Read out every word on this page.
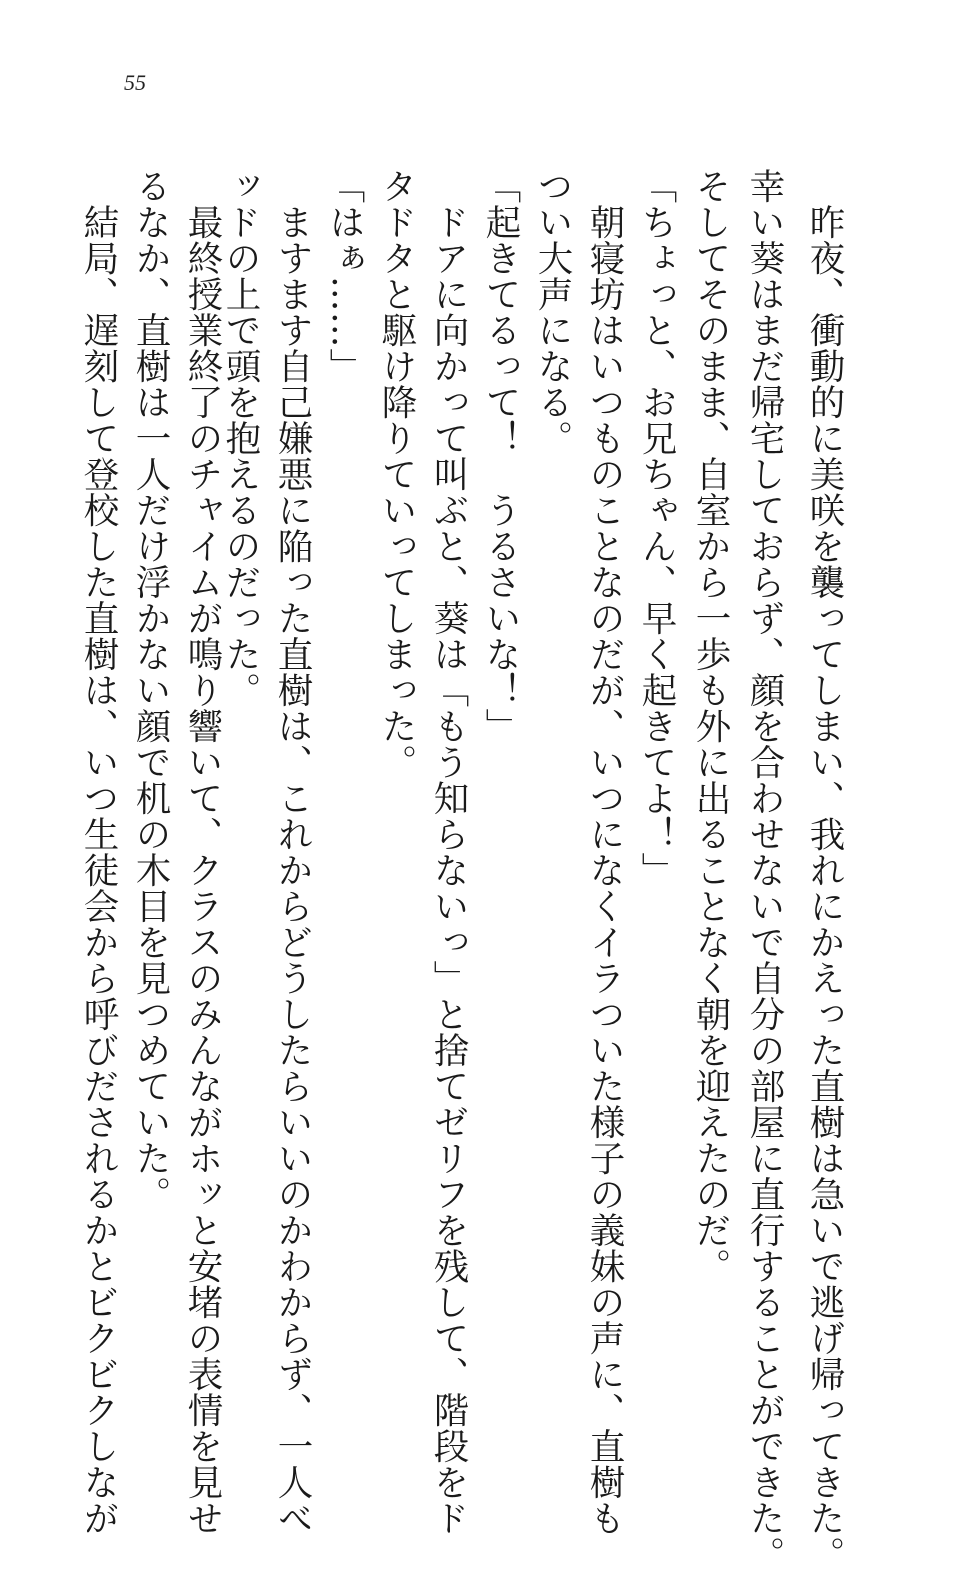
55
　昨夜、衝動的に美咲を襲ってしまい、我れにかえった直樹は急いで逃げ帰ってきた。
幸い葵はまだ帰宅しておらず、顔を合わせないで自分の部屋に直行することができた。
そしてそのまま、自室から一歩も外に出ることなく朝を迎えたのだ。
「ちょっと、お兄ちゃん、早く起きてよ！」
　朝寝坊はいつものことなのだが、いつになくイラついた様子の義妹の声に、直樹も
つい大声になる。
「起きてるって！　うるさいな！」
　ドアに向かって叫ぶと、葵は「もう知らないっ」と捨てゼリフを残して、階段をド
タドタと駆け降りていってしまった。
「はぁ……」
　ますます自己嫌悪に陥った直樹は、これからどうしたらいいのかわからず、一人べ
ッドの上で頭を抱えるのだった。
　最終授業終了のチャイムが鳴り響いて、クラスのみんながホッと安堵の表情を見せ
るなか、直樹は一人だけ浮かない顔で机の木目を見つめていた。
　結局、遅刻して登校した直樹は、いつ生徒会から呼びだされるかとビクビクしなが
